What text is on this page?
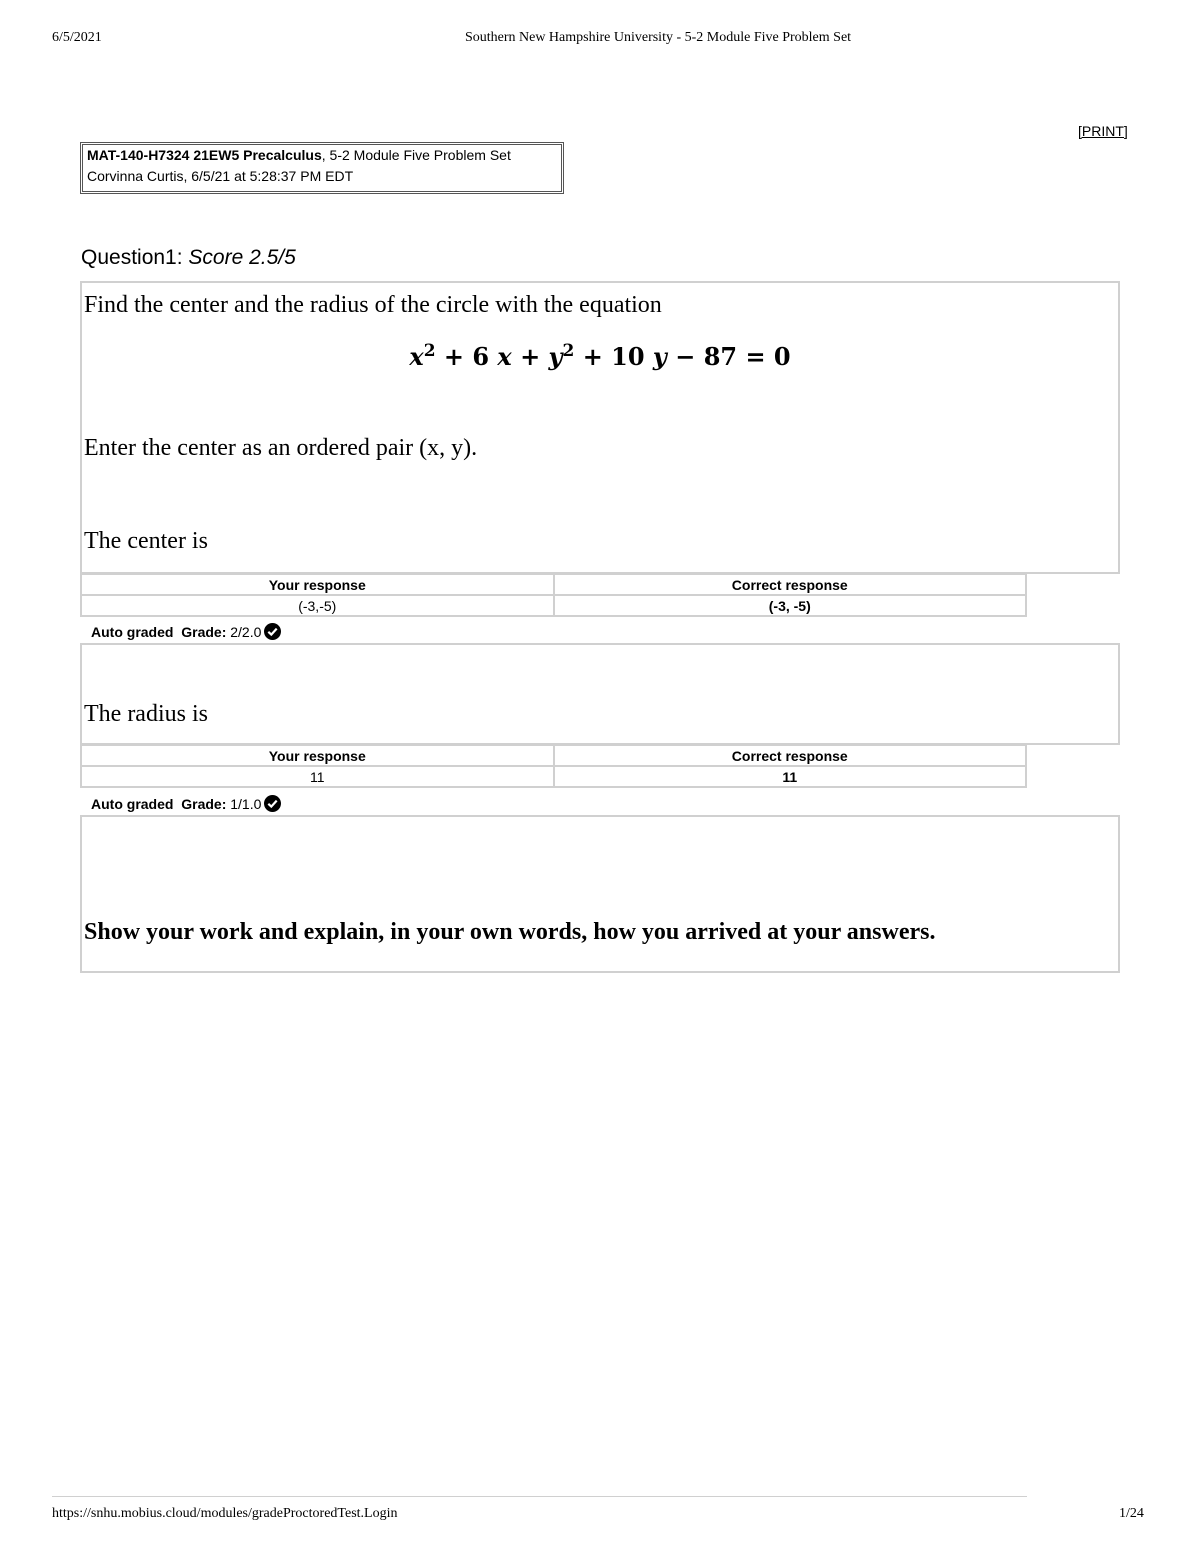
6/5/2021	Southern New Hampshire University - 5-2 Module Five Problem Set
[PRINT]
MAT-140-H7324 21EW5 Precalculus, 5-2 Module Five Problem Set
Corvinna Curtis, 6/5/21 at 5:28:37 PM EDT
Question1: Score 2.5/5
Find the center and the radius of the circle with the equation
$x^2 + 6$ $x + y^2 + 10$ y − 87 = 0
Enter the center as an ordered pair (x, y).
The center is
Your response	Correct response
(-3,-5)	(-3, -5)
Auto graded Grade: 2/2.0
The radius is
Your response	Correct response
11	11
Auto graded Grade: 1/1.0
Show your work and explain, in your own words, how you arrived at your answers.
https://snhu.mobius.cloud/modules/gradeProctoredTest.Login	1/24
